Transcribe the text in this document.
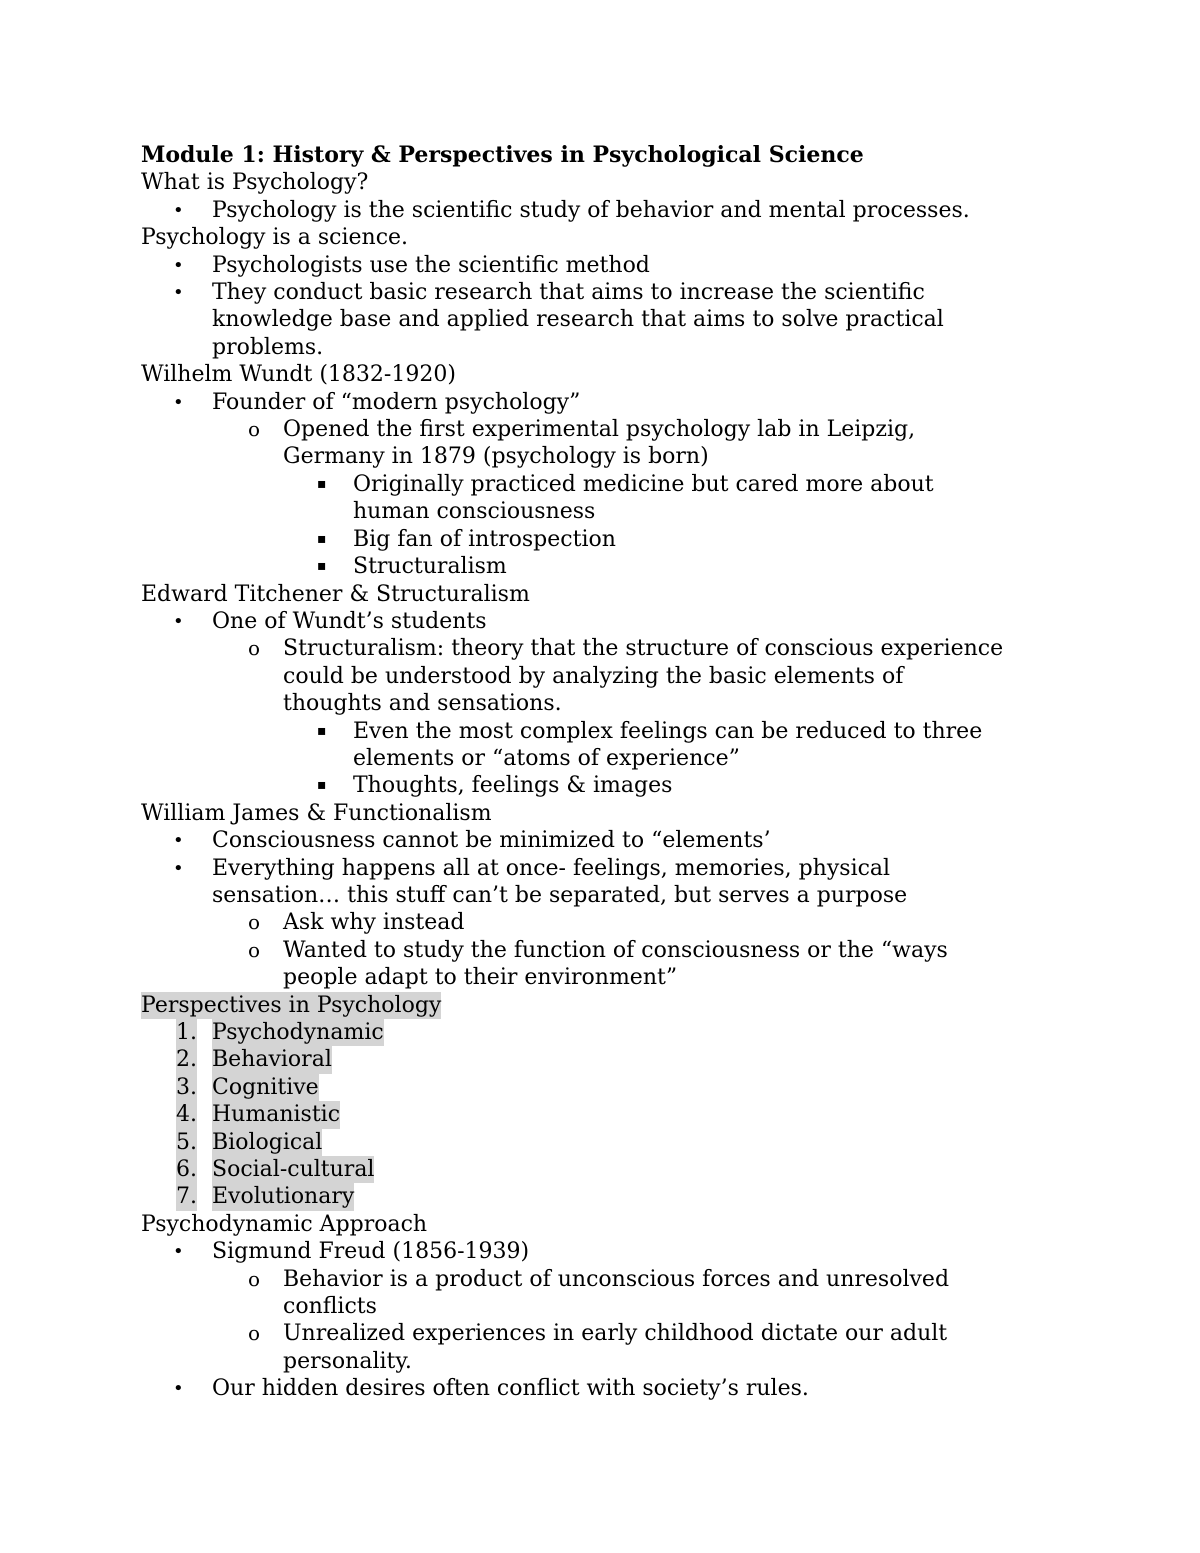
Module 1: History & Perspectives in Psychological Science
What is Psychology?
• Psychology is the scientific study of behavior and mental processes.
Psychology is a science.
• Psychologists use the scientific method
• They conduct basic research that aims to increase the scientific
knowledge base and applied research that aims to solve practical
problems.
Wilhelm Wundt (1832-1920)
• Founder of “modern psychology”
o Opened the first experimental psychology lab in Leipzig,
Germany in 1879 (psychology is born)
▪ Originally practiced medicine but cared more about
human consciousness
▪ Big fan of introspection
▪ Structuralism
Edward Titchener & Structuralism
• One of Wundt’s students
o Structuralism: theory that the structure of conscious experience
could be understood by analyzing the basic elements of
thoughts and sensations.
▪ Even the most complex feelings can be reduced to three
elements or “atoms of experience”
▪ Thoughts, feelings & images
William James & Functionalism
• Consciousness cannot be minimized to “elements’
• Everything happens all at once- feelings, memories, physical
sensation… this stuff can’t be separated, but serves a purpose
o Ask why instead
o Wanted to study the function of consciousness or the “ways
people adapt to their environment”
Perspectives in Psychology
1. Psychodynamic
2. Behavioral
3. Cognitive
4. Humanistic
5. Biological
6. Social-cultural
7. Evolutionary
Psychodynamic Approach
• Sigmund Freud (1856-1939)
o Behavior is a product of unconscious forces and unresolved
conflicts
o Unrealized experiences in early childhood dictate our adult
personality.
• Our hidden desires often conflict with society’s rules.
